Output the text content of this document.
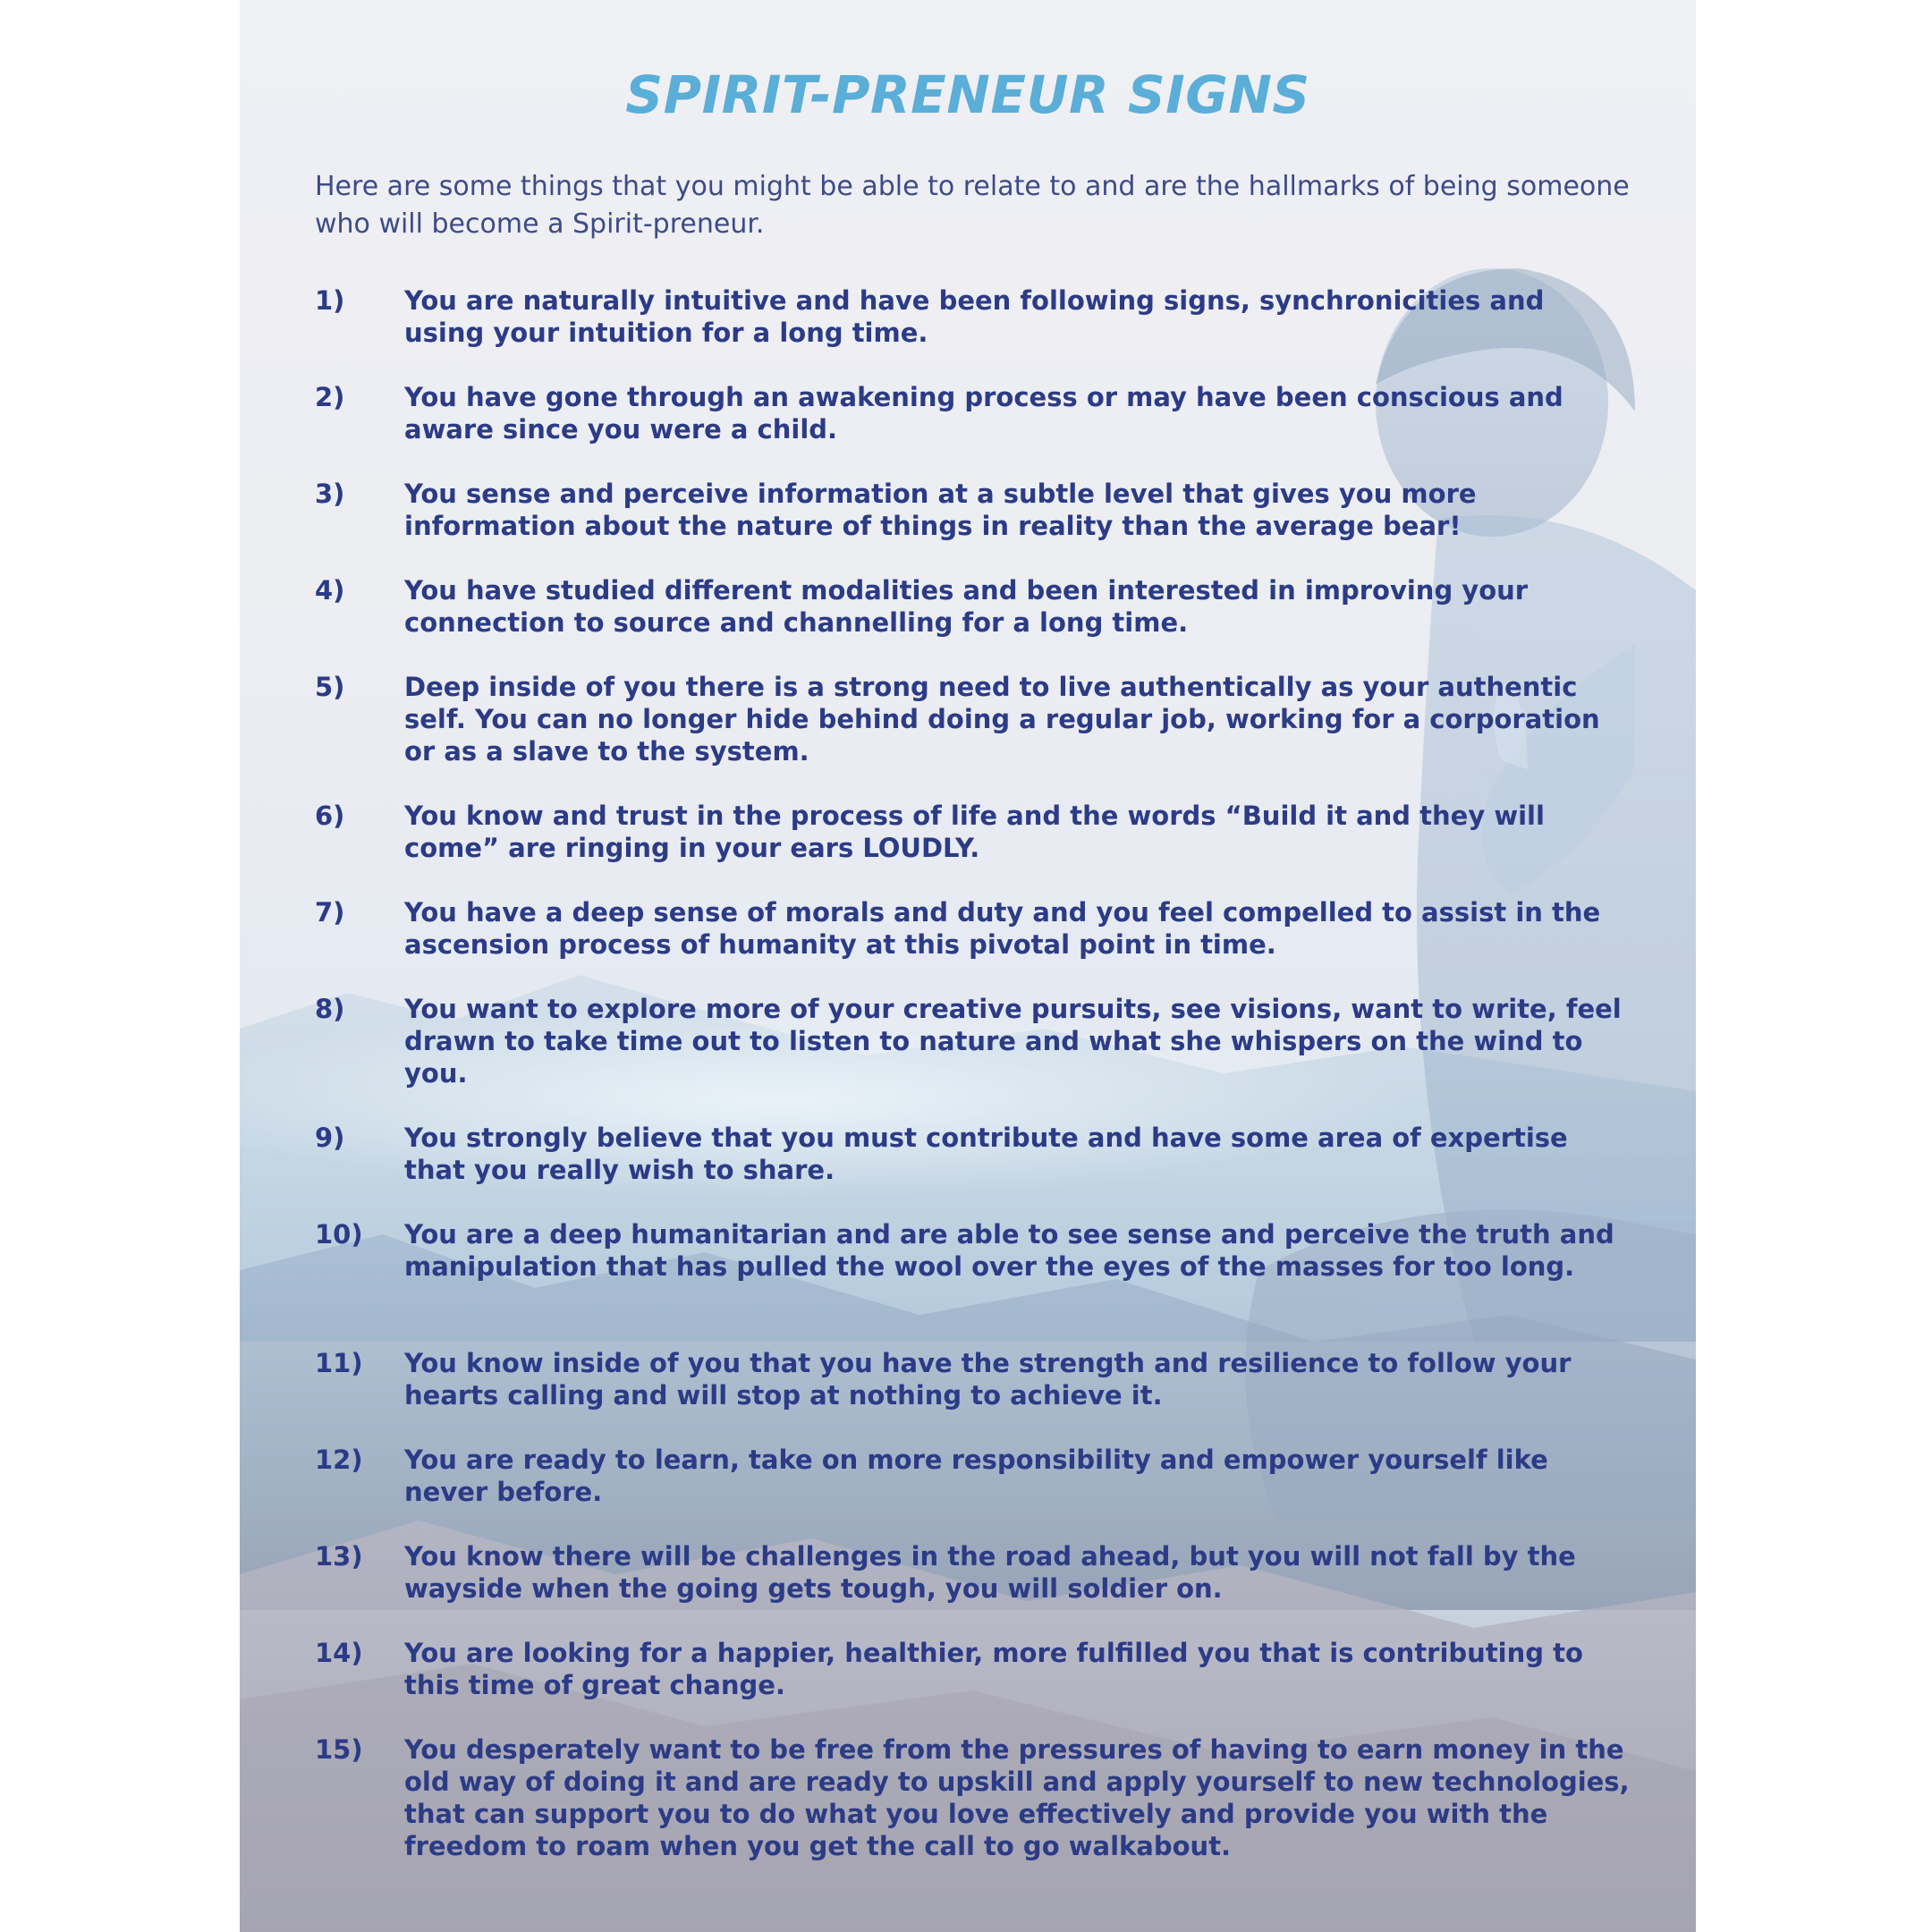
SPIRIT-PRENEUR SIGNS
Here are some things that you might be able to relate to and are the hallmarks of being someone who will become a Spirit-preneur.
1)	You are naturally intuitive and have been following signs, synchronicities and using your intuition for a long time.
2)	You have gone through an awakening process or may have been conscious and aware since you were a child.
3)	You sense and perceive information at a subtle level that gives you more information about the nature of things in reality than the average bear!
4)	You have studied different modalities and been interested in improving your connection to source and channelling for a long time.
5)	Deep inside of you there is a strong need to live authentically as your authentic self. You can no longer hide behind doing a regular job, working for a corporation or as a slave to the system.
6)	You know and trust in the process of life and the words “Build it and they will come” are ringing in your ears LOUDLY.
7)	You have a deep sense of morals and duty and you feel compelled to assist in the ascension process of humanity at this pivotal point in time.
8)	You want to explore more of your creative pursuits, see visions, want to write, feel drawn to take time out to listen to nature and what she whispers on the wind to you.
9)	You strongly believe that you must contribute and have some area of expertise that you really wish to share.
10)	You are a deep humanitarian and are able to see sense and perceive the truth and manipulation that has pulled the wool over the eyes of the masses for too long.
11)	You know inside of you that you have the strength and resilience to follow your hearts calling and will stop at nothing to achieve it.
12)	You are ready to learn, take on more responsibility and empower yourself like never before.
13)	You know there will be challenges in the road ahead, but you will not fall by the wayside when the going gets tough, you will soldier on.
14)	You are looking for a happier, healthier, more fulfilled you that is contributing to this time of great change.
15)	You desperately want to be free from the pressures of having to earn money in the old way of doing it and are ready to upskill and apply yourself to new technologies, that can support you to do what you love effectively and provide you with the freedom to roam when you get the call to go walkabout.
